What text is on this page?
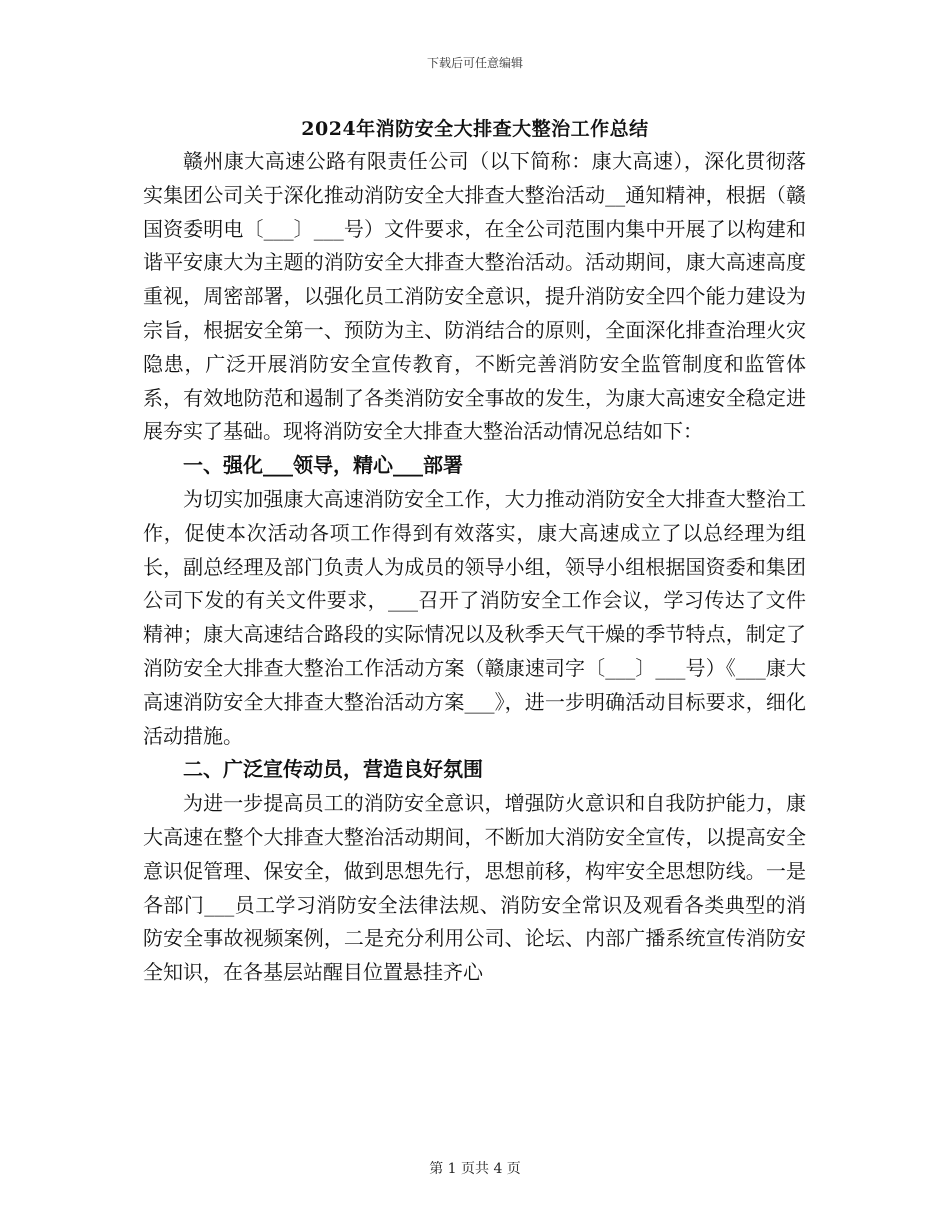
下载后可任意编辑
2024年消防安全大排查大整治工作总结

赣州康大高速公路有限责任公司（以下简称：康大高速），深化贯彻落实集团公司关于深化推动消防安全大排查大整治活动__通知精神，根据（赣国资委明电〔___〕___号）文件要求，在全公司范围内集中开展了以构建和谐平安康大为主题的消防安全大排查大整治活动。活动期间，康大高速高度重视，周密部署，以强化员工消防安全意识，提升消防安全四个能力建设为宗旨，根据安全第一、预防为主、防消结合的原则，全面深化排查治理火灾隐患，广泛开展消防安全宣传教育，不断完善消防安全监管制度和监管体系，有效地防范和遏制了各类消防安全事故的发生，为康大高速安全稳定进展夯实了基础。现将消防安全大排查大整治活动情况总结如下：

一、强化___领导，精心___部署

为切实加强康大高速消防安全工作，大力推动消防安全大排查大整治工作，促使本次活动各项工作得到有效落实，康大高速成立了以总经理为组长，副总经理及部门负责人为成员的领导小组，领导小组根据国资委和集团公司下发的有关文件要求，___召开了消防安全工作会议，学习传达了文件精神；康大高速结合路段的实际情况以及秋季天气干燥的季节特点，制定了消防安全大排查大整治工作活动方案（赣康速司字〔___〕___号）《___康大高速消防安全大排查大整治活动方案___》，进一步明确活动目标要求，细化活动措施。

二、广泛宣传动员，营造良好氛围

为进一步提高员工的消防安全意识，增强防火意识和自我防护能力，康大高速在整个大排查大整治活动期间，不断加大消防安全宣传，以提高安全意识促管理、保安全，做到思想先行，思想前移，构牢安全思想防线。一是各部门___员工学习消防安全法律法规、消防安全常识及观看各类典型的消防安全事故视频案例，二是充分利用公司、论坛、内部广播系统宣传消防安全知识，在各基层站醒目位置悬挂齐心

第 1 页共 4 页
